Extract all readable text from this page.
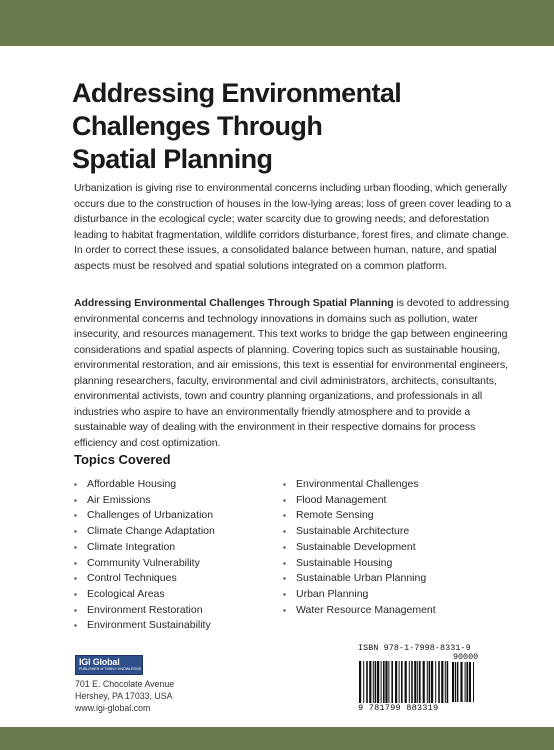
Addressing Environmental
Challenges Through
Spatial Planning
Urbanization is giving rise to environmental concerns including urban flooding, which generally occurs due to the construction of houses in the low-lying areas; loss of green cover leading to a disturbance in the ecological cycle; water scarcity due to growing needs; and deforestation leading to habitat fragmentation, wildlife corridors disturbance, forest fires, and climate change. In order to correct these issues, a consolidated balance between human, nature, and spatial aspects must be resolved and spatial solutions integrated on a common platform.
Addressing Environmental Challenges Through Spatial Planning is devoted to addressing environmental concerns and technology innovations in domains such as pollution, water insecurity, and resources management. This text works to bridge the gap between engineering considerations and spatial aspects of planning. Covering topics such as sustainable housing, environmental restoration, and air emissions, this text is essential for environmental engineers, planning researchers, faculty, environmental and civil administrators, architects, consultants, environmental activists, town and country planning organizations, and professionals in all industries who aspire to have an environmentally friendly atmosphere and to provide a sustainable way of dealing with the environment in their respective domains for process efficiency and cost optimization.
Topics Covered
▪ Affordable Housing
▪ Air Emissions
▪ Challenges of Urbanization
▪ Climate Change Adaptation
▪ Climate Integration
▪ Community Vulnerability
▪ Control Techniques
▪ Ecological Areas
▪ Environment Restoration
▪ Environment Sustainability
▪ Environmental Challenges
▪ Flood Management
▪ Remote Sensing
▪ Sustainable Architecture
▪ Sustainable Development
▪ Sustainable Housing
▪ Sustainable Urban Planning
▪ Urban Planning
▪ Water Resource Management
IGI Global
PUBLISHER of TIMELY KNOWLEDGE
701 E. Chocolate Avenue
Hershey, PA 17033, USA
www.igi-global.com
ISBN 978-1-7998-8331-9
90000
9 781799 883319
